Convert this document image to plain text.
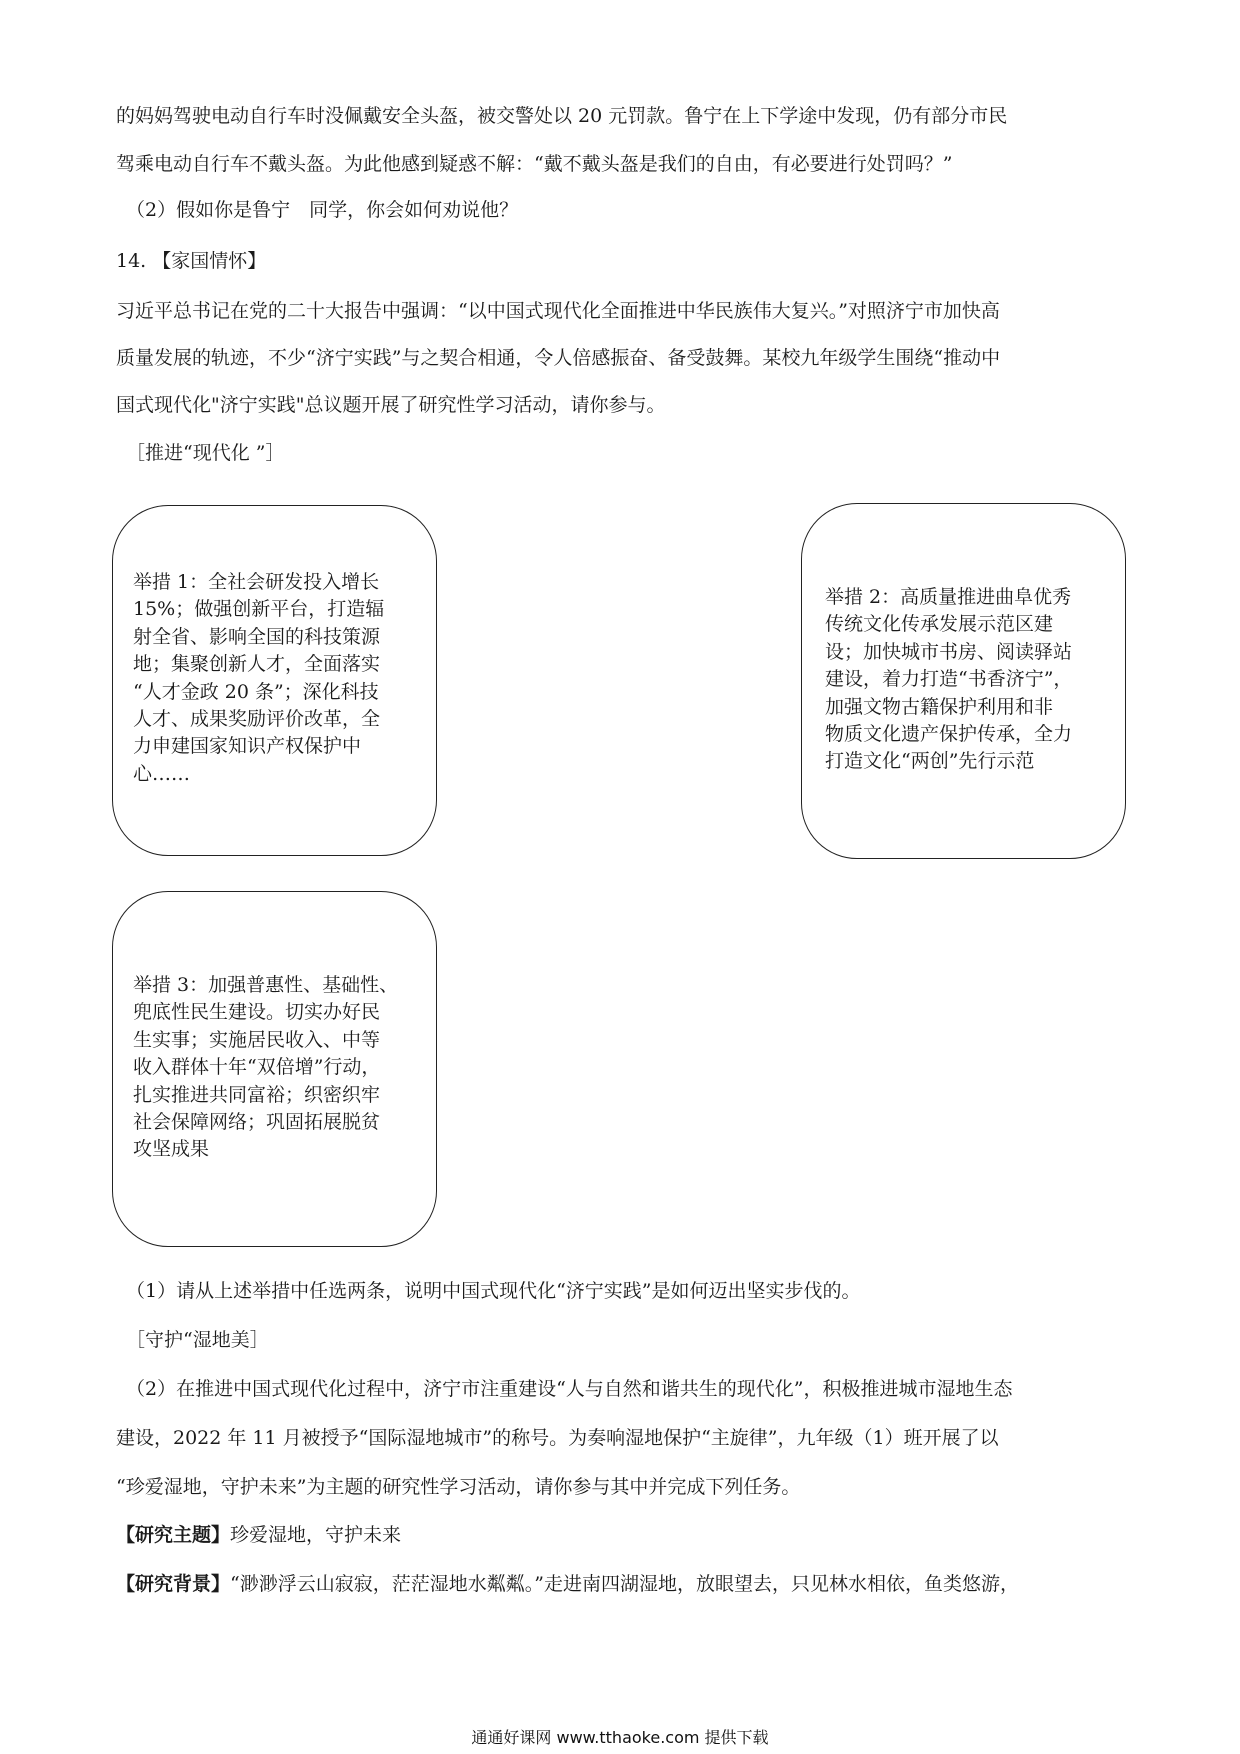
的妈妈驾驶电动自行车时没佩戴安全头盔，被交警处以 20 元罚款。鲁宁在上下学途中发现，仍有部分市民
驾乘电动自行车不戴头盔。为此他感到疑惑不解：“戴不戴头盔是我们的自由，有必要进行处罚吗？”
（2）假如你是鲁宁　同学，你会如何劝说他？
14. 【家国情怀】
习近平总书记在党的二十大报告中强调：“以中国式现代化全面推进中华民族伟大复兴。”对照济宁市加快高
质量发展的轨迹，不少“济宁实践”与之契合相通，令人倍感振奋、备受鼓舞。某校九年级学生围绕“推动中
国式现代化"济宁实践"总议题开展了研究性学习活动，请你参与。
［推进“现代化 ”］
举措 1：全社会研发投入增长
15%；做强创新平台，打造辐
射全省、影响全国的科技策源
地；集聚创新人才，全面落实
“人才金政 20 条”；深化科技
人才、成果奖励评价改革，全
力申建国家知识产权保护中
心……
举措 2：高质量推进曲阜优秀
传统文化传承发展示范区建
设；加快城市书房、阅读驿站
建设，着力打造“书香济宁”，
加强文物古籍保护利用和非
物质文化遗产保护传承，全力
打造文化“两创”先行示范
举措 3：加强普惠性、基础性、
兜底性民生建设。切实办好民
生实事；实施居民收入、中等
收入群体十年“双倍增”行动，
扎实推进共同富裕；织密织牢
社会保障网络；巩固拓展脱贫
攻坚成果
（1）请从上述举措中任选两条，说明中国式现代化“济宁实践”是如何迈出坚实步伐的。
［守护“湿地美］
（2）在推进中国式现代化过程中，济宁市注重建设“人与自然和谐共生的现代化”，积极推进城市湿地生态
建设，2022 年 11 月被授予“国际湿地城市”的称号。为奏响湿地保护“主旋律”，九年级（1）班开展了以
“珍爱湿地，守护未来”为主题的研究性学习活动，请你参与其中并完成下列任务。
【研究主题】珍爱湿地，守护未来
【研究背景】“渺渺浮云山寂寂，茫茫湿地水粼粼。”走进南四湖湿地，放眼望去，只见林水相依，鱼类悠游，
通通好课网 www.tthaoke.com 提供下载
